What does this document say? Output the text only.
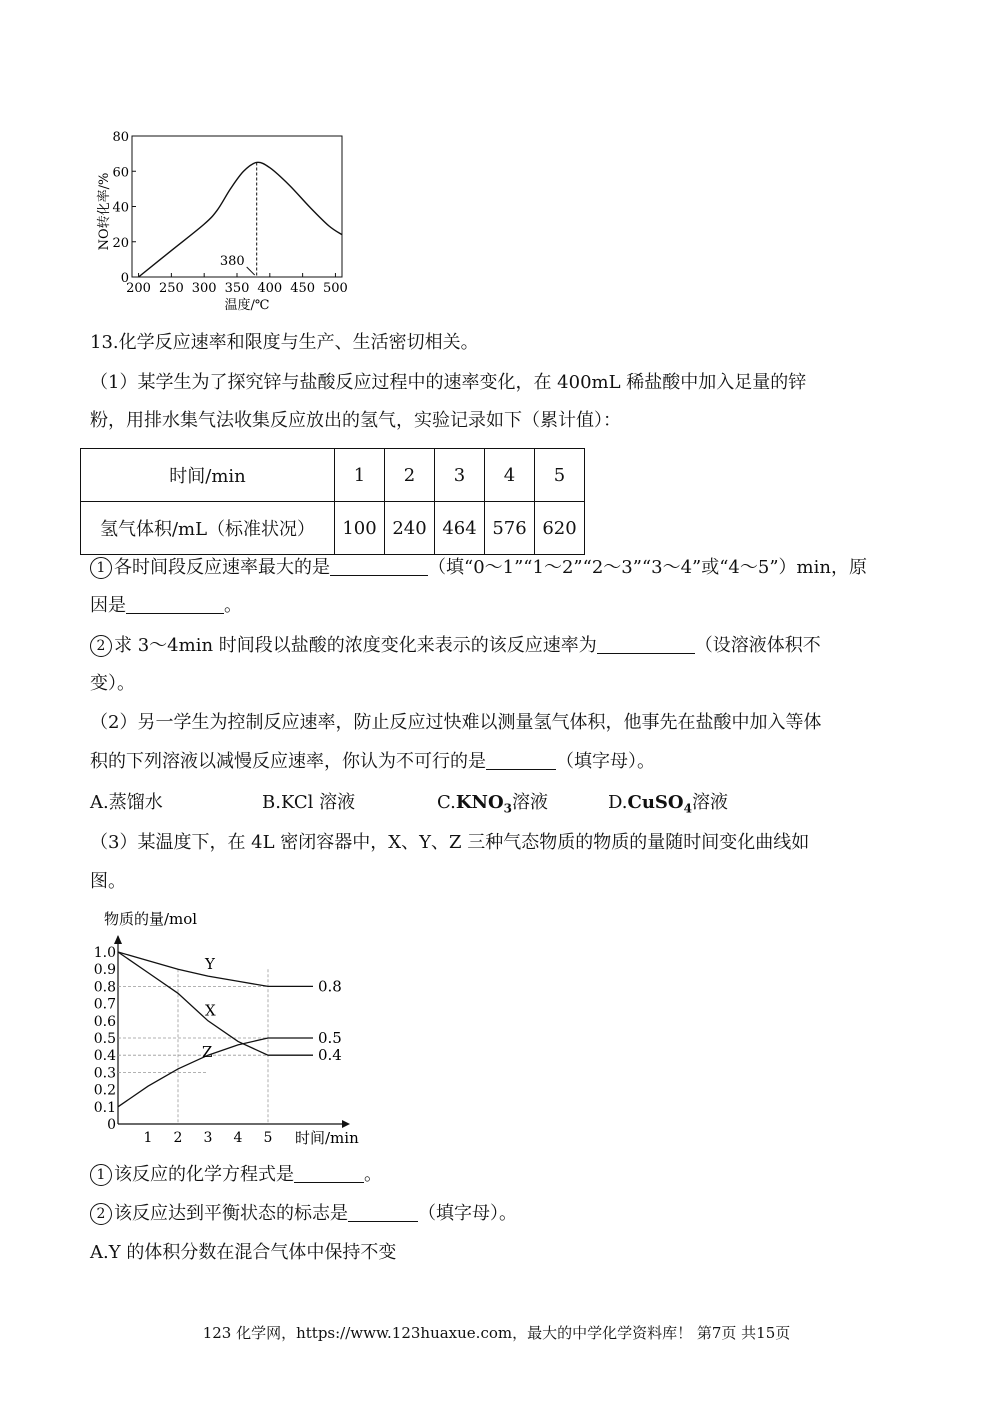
0
20
40
60
80
200 250 300 350 400 450 500
温度/℃
NO转化率/%
380
13.化学反应速率和限度与生产、生活密切相关。
（1）某学生为了探究锌与盐酸反应过程中的速率变化，在 400mL 稀盐酸中加入足量的锌
粉，用排水集气法收集反应放出的氢气，实验记录如下（累计值）：
时间/min	1	2	3	4	5
氢气体积/mL（标准状况）	100	240	464	576	620
1 各时间段反应速率最大的是	（填“0～1”“1～2”“2～3”“3～4”或“4～5”）min，原
因是	。
2 求 3～4min 时间段以盐酸的浓度变化来表示的该反应速率为	（设溶液体积不
变）。
（2）另一学生为控制反应速率，防止反应过快难以测量氢气体积，他事先在盐酸中加入等体
积的下列溶液以减慢反应速率，你认为不可行的是	（填字母）。
A.蒸馏水	B.KCl 溶液	$C.KNO_3$溶液	D.CuSO$_4$溶液
（3）某温度下，在 4L 密闭容器中，X、Y、Z 三种气态物质的物质的量随时间变化曲线如
图。
物质的量/mol
时间/min
0
0.1
0.2
0.3
0.4
0.5
0.6
0.7
0.8
0.9
1.0
1 2 3 4 5
Y
X
Z
0.8
0.5
0.4
1 该反应的化学方程式是	。
2 该反应达到平衡状态的标志是	（填字母）。
A.Y 的体积分数在混合气体中保持不变
123 化学网，https://www.123huaxue.com，最大的中学化学资料库！ 第7页 共15页
